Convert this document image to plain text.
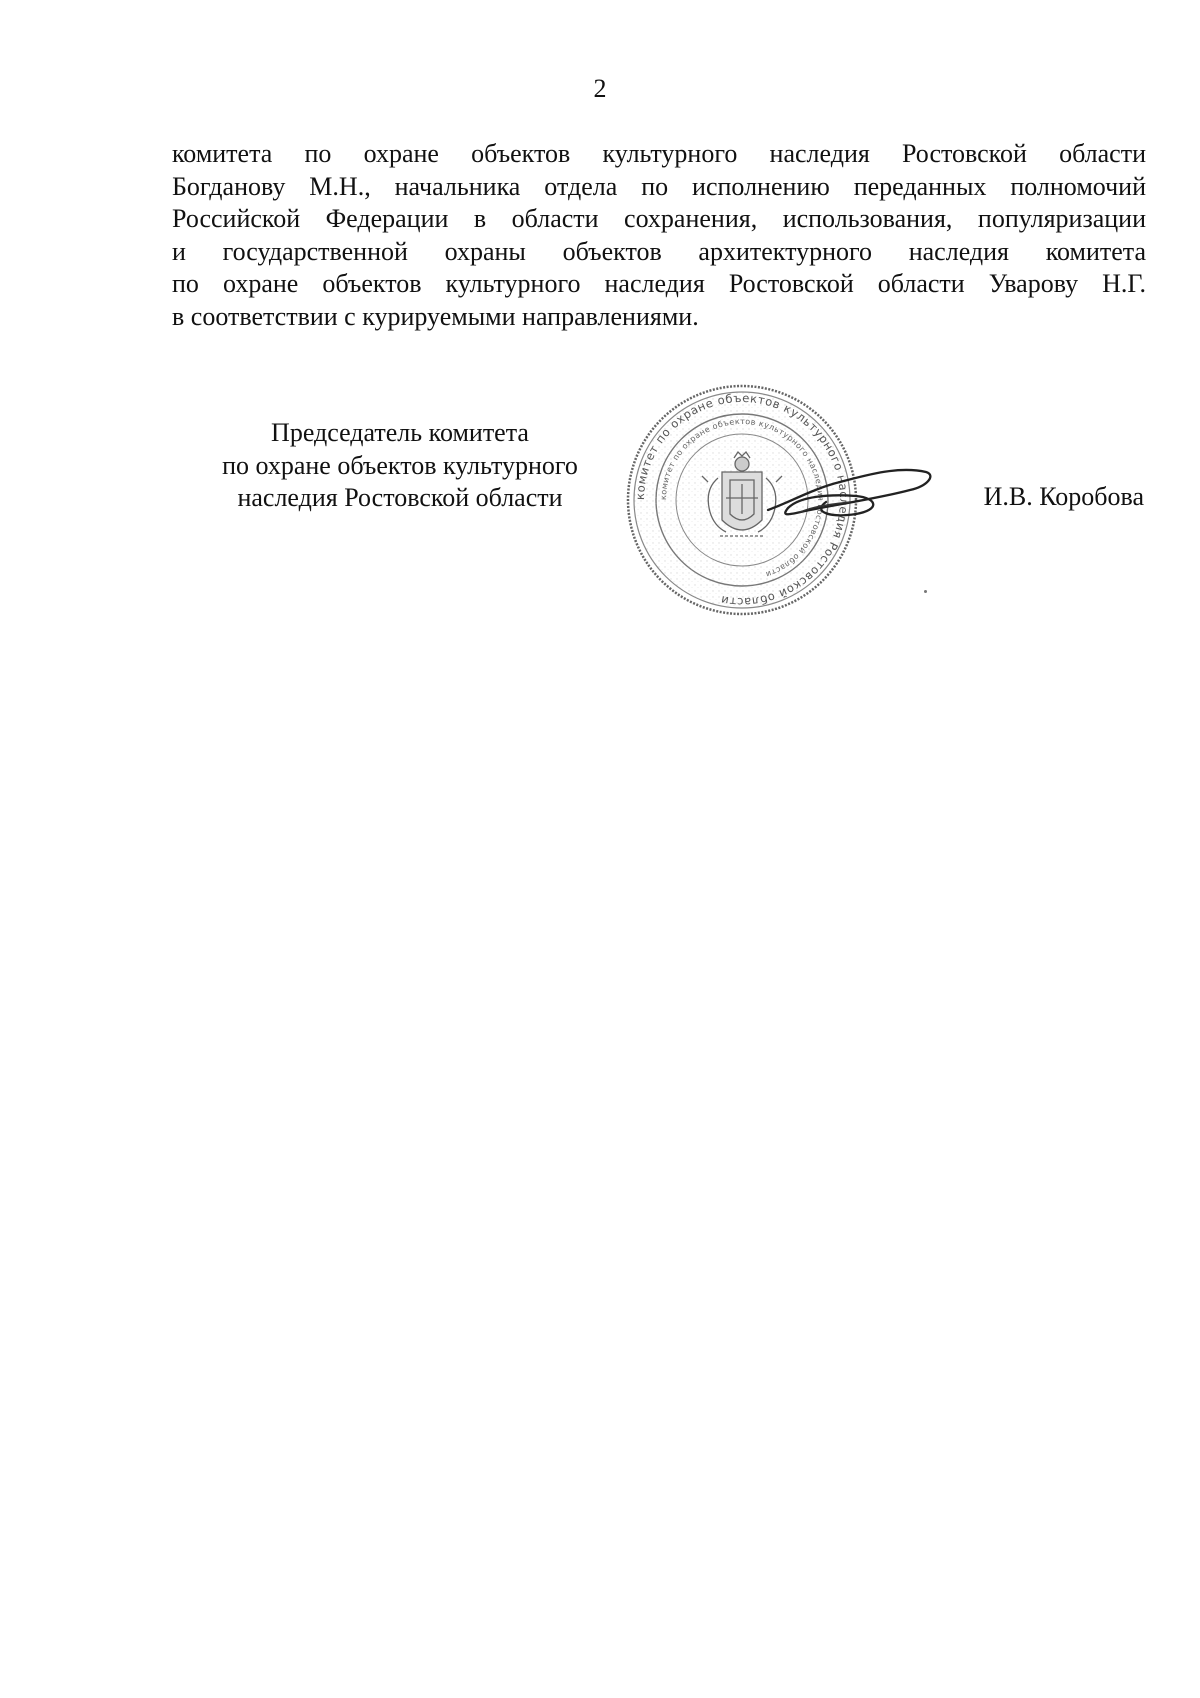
2
комитета по охране объектов культурного наследия Ростовской области
Богданову М.Н., начальника отдела по исполнению переданных полномочий
Российской Федерации в области сохранения, использования, популяризации
и государственной охраны объектов архитектурного наследия комитета
по охране объектов культурного наследия Ростовской области Уварову Н.Г.
в соответствии с курируемыми направлениями.
Председатель комитета
по охране объектов культурного
наследия Ростовской области	комитет по охране объектов культурного наследия Ростовской области
комитет по охране объектов культурного наследия Ростовской области
И.В. Коробова
